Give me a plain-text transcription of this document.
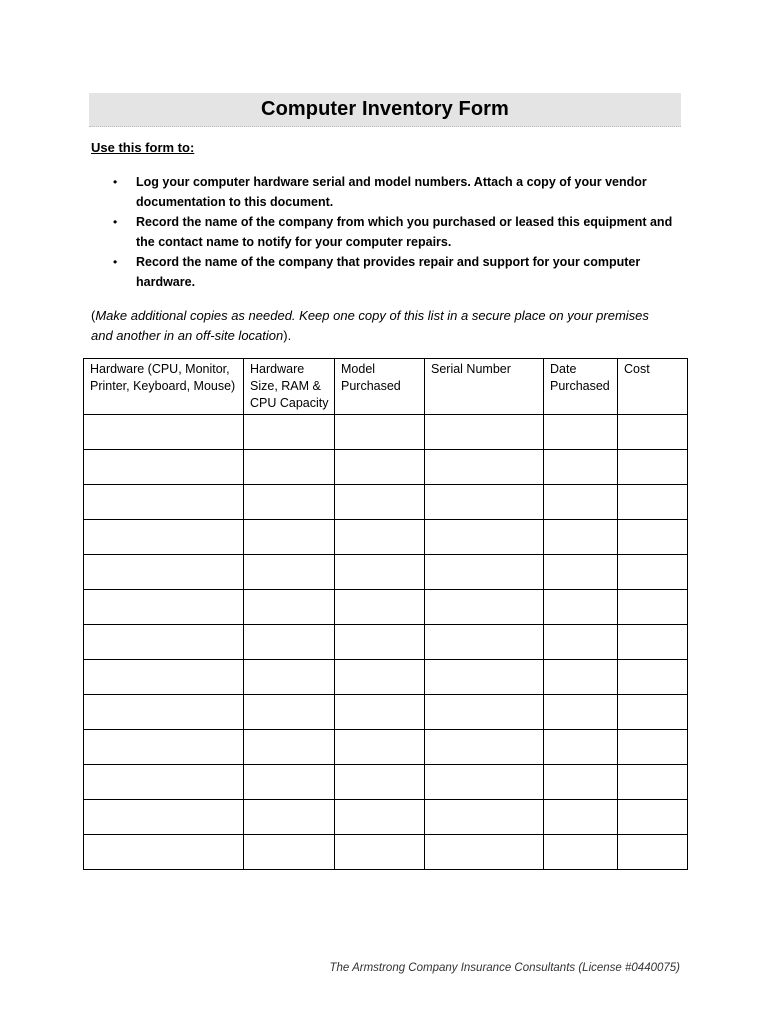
Computer Inventory Form
Use this form to:
• Log your computer hardware serial and model numbers. Attach a copy of your vendor documentation to this document.
• Record the name of the company from which you purchased or leased this equipment and the contact name to notify for your computer repairs.
• Record the name of the company that provides repair and support for your computer hardware.
(Make additional copies as needed. Keep one copy of this list in a secure place on your premises and another in an off-site location).
Hardware (CPU, Monitor, Printer, Keyboard, Mouse)	Hardware Size, RAM & CPU Capacity	Model Purchased	Serial Number	Date Purchased	Cost

The Armstrong Company Insurance Consultants (License #0440075)
